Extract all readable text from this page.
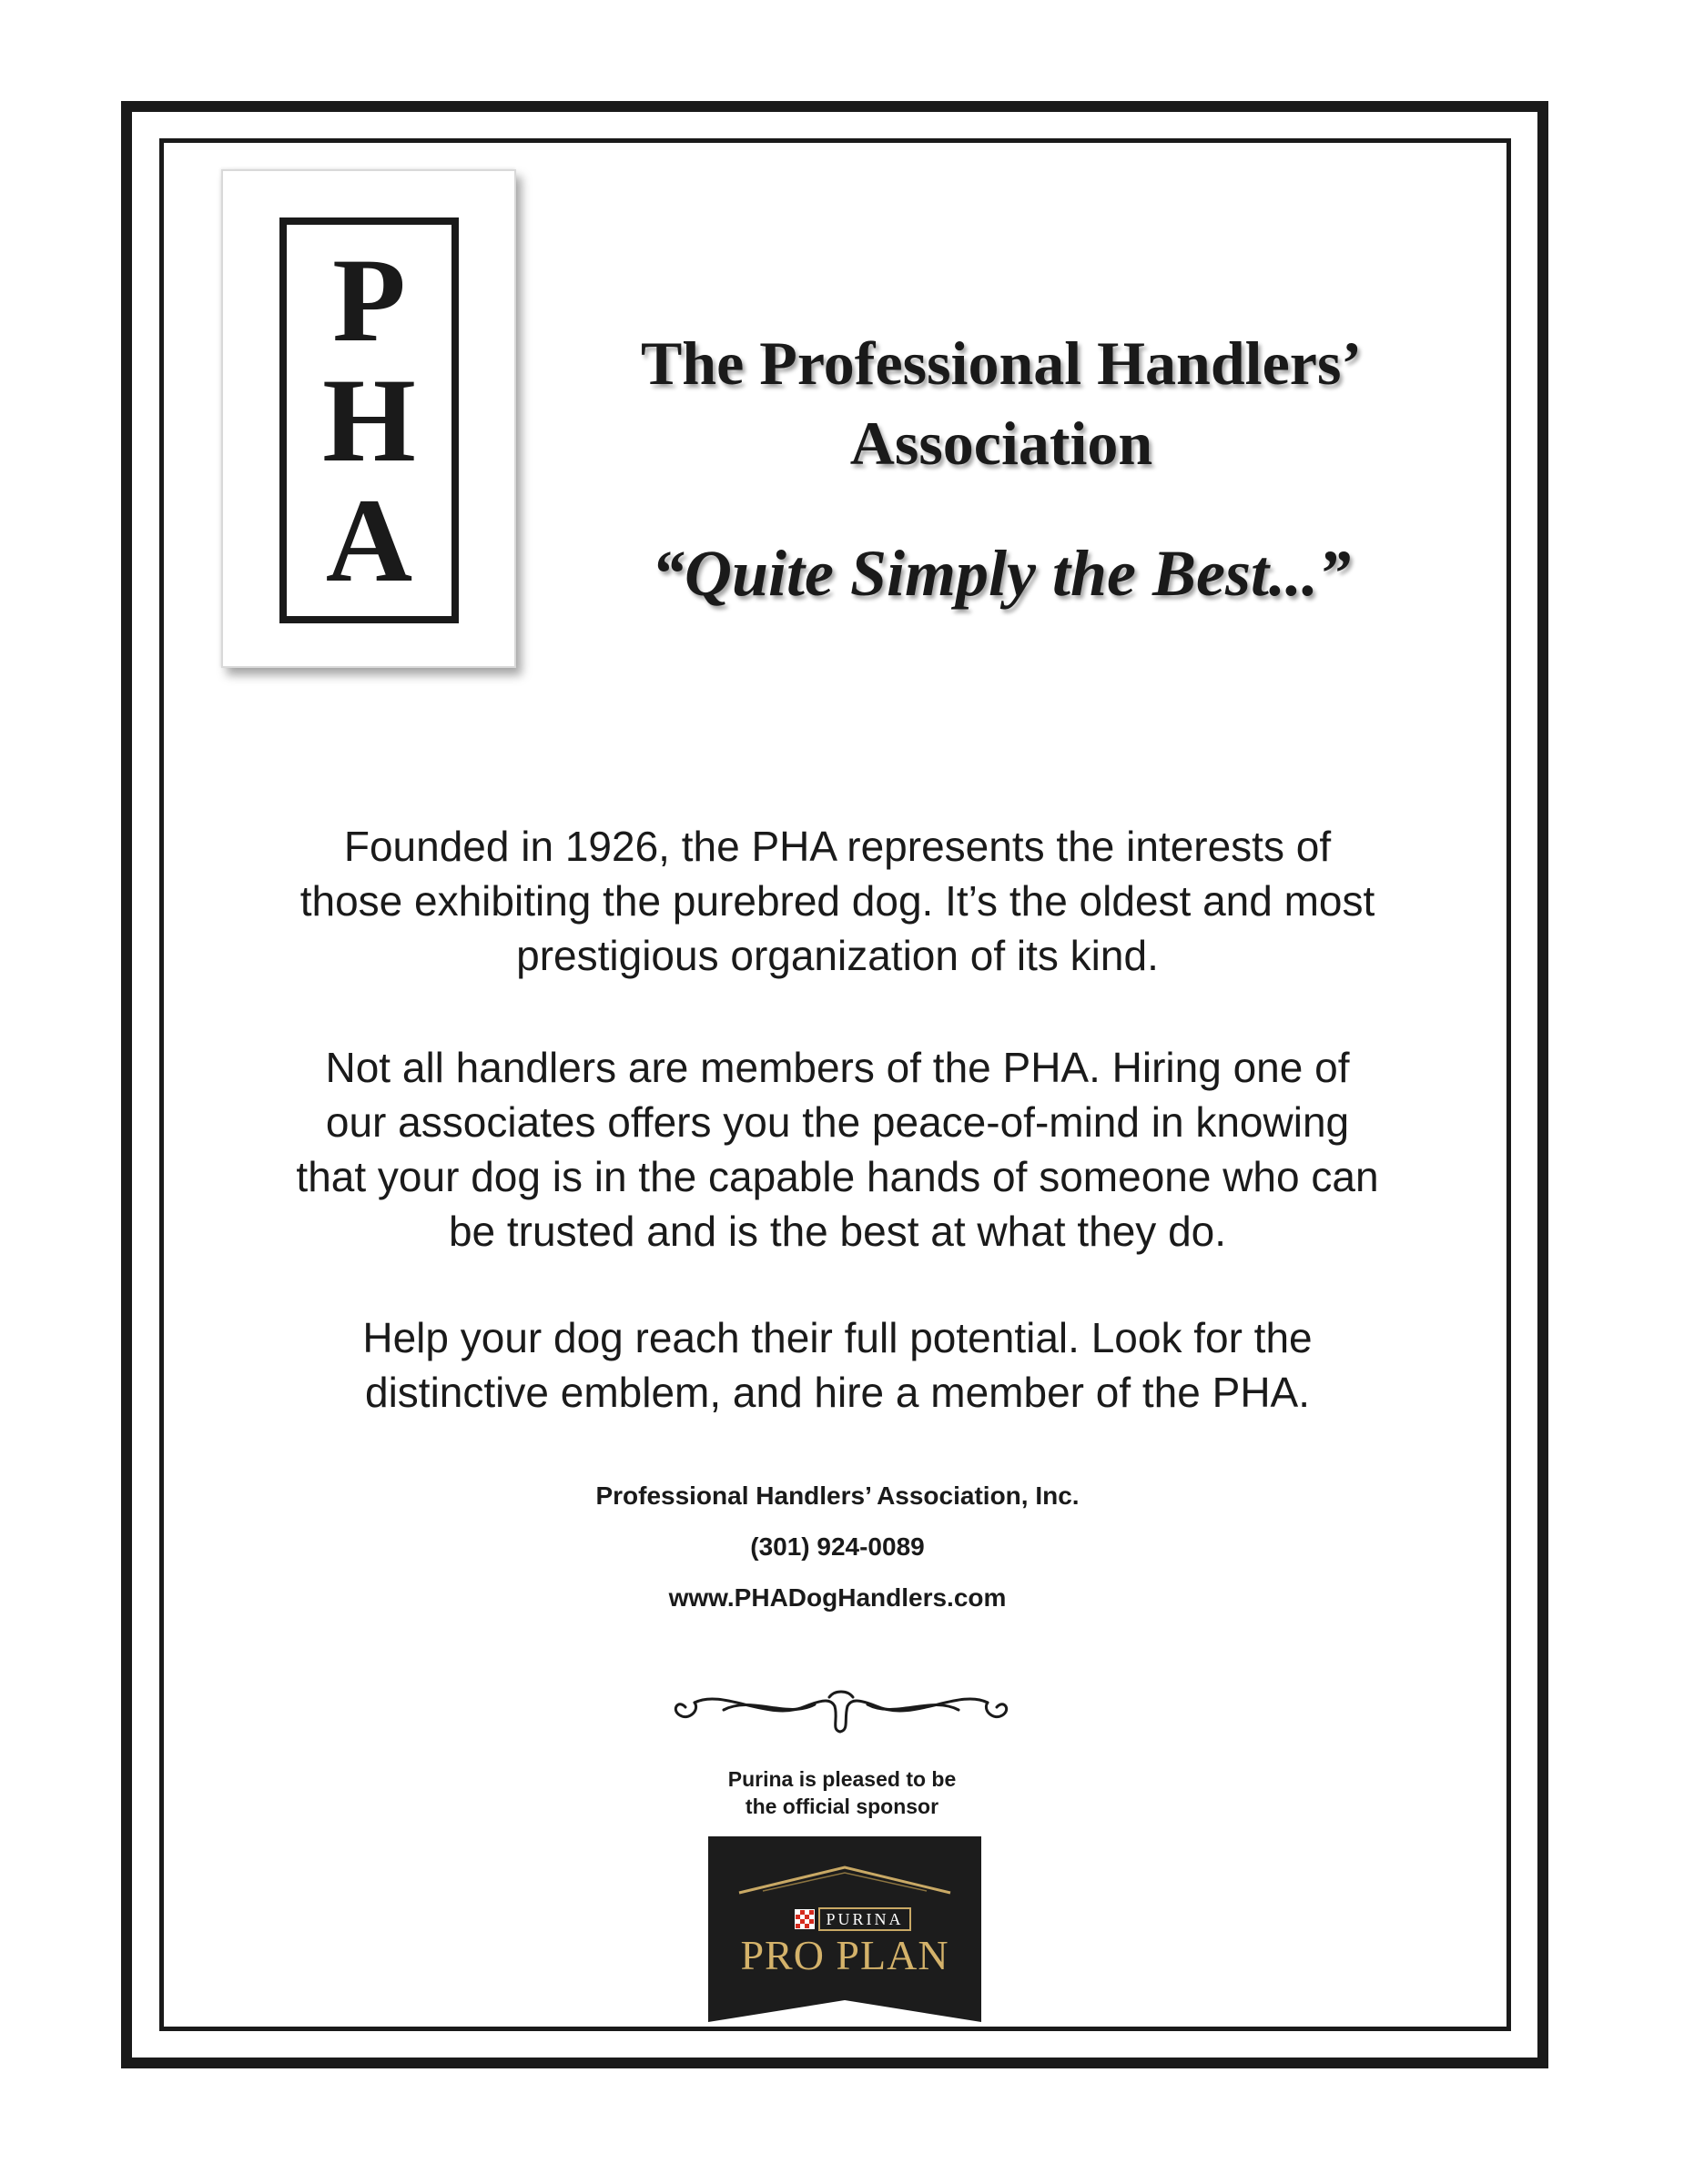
P
H
A
The Professional Handlers’
Association
“Quite Simply the Best...”
Founded in 1926, the PHA represents the interests of
those exhibiting the purebred dog. It’s the oldest and most
prestigious organization of its kind.
Not all handlers are members of the PHA. Hiring one of
our associates offers you the peace-of-mind in knowing
that your dog is in the capable hands of someone who can
be trusted and is the best at what they do.
Help your dog reach their full potential. Look for the
distinctive emblem, and hire a member of the PHA.
Professional Handlers’ Association, Inc.
(301) 924-0089
www.PHADogHandlers.com
Purina is pleased to be
the official sponsor
PURINA
PRO PLAN
